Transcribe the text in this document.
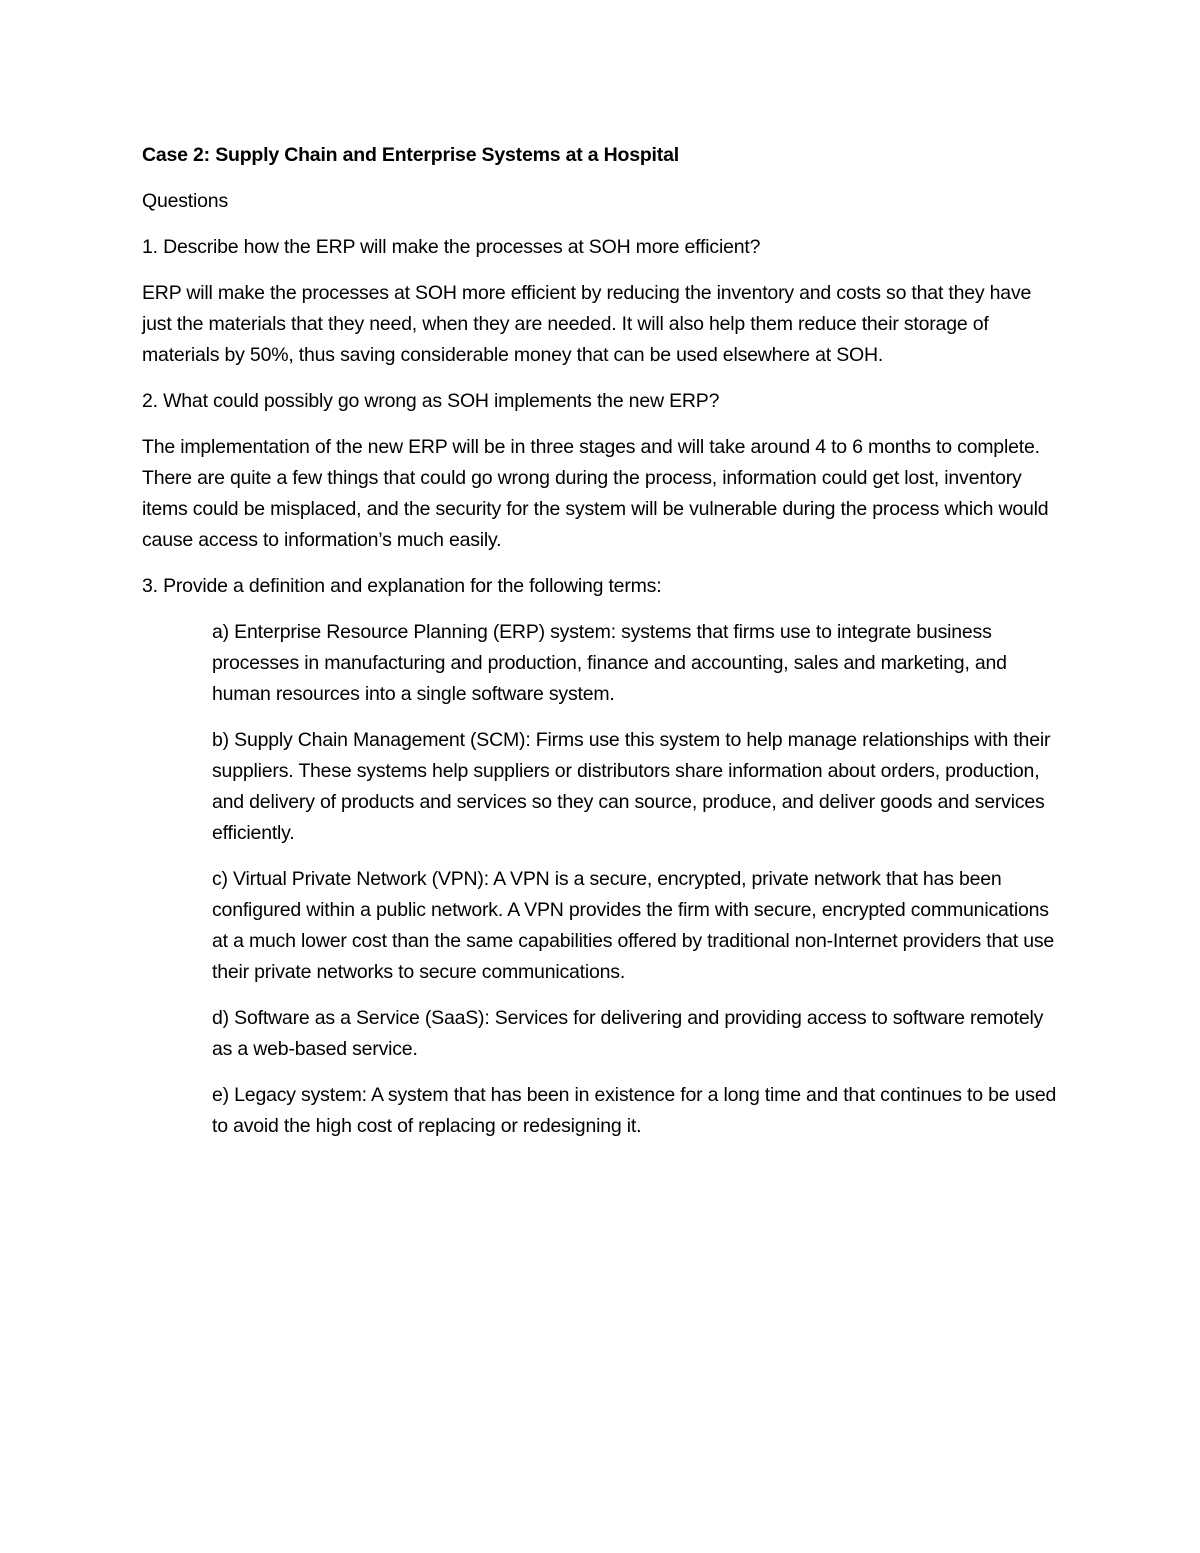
Case 2: Supply Chain and Enterprise Systems at a Hospital

Questions

1. Describe how the ERP will make the processes at SOH more efficient?

ERP will make the processes at SOH more efficient by reducing the inventory and costs so that they have just the materials that they need, when they are needed. It will also help them reduce their storage of materials by 50%, thus saving considerable money that can be used elsewhere at SOH.

2. What could possibly go wrong as SOH implements the new ERP?

The implementation of the new ERP will be in three stages and will take around 4 to 6 months to complete. There are quite a few things that could go wrong during the process, information could get lost, inventory items could be misplaced, and the security for the system will be vulnerable during the process which would cause access to information’s much easily.

3. Provide a definition and explanation for the following terms:

a) Enterprise Resource Planning (ERP) system: systems that firms use to integrate business processes in manufacturing and production, finance and accounting, sales and marketing, and human resources into a single software system.

b) Supply Chain Management (SCM): Firms use this system to help manage relationships with their suppliers. These systems help suppliers or distributors share information about orders, production, and delivery of products and services so they can source, produce, and deliver goods and services efficiently.

c) Virtual Private Network (VPN): A VPN is a secure, encrypted, private network that has been configured within a public network. A VPN provides the firm with secure, encrypted communications at a much lower cost than the same capabilities offered by traditional non-Internet providers that use their private networks to secure communications.

d) Software as a Service (SaaS): Services for delivering and providing access to software remotely as a web-based service.

e) Legacy system: A system that has been in existence for a long time and that continues to be used to avoid the high cost of replacing or redesigning it.
